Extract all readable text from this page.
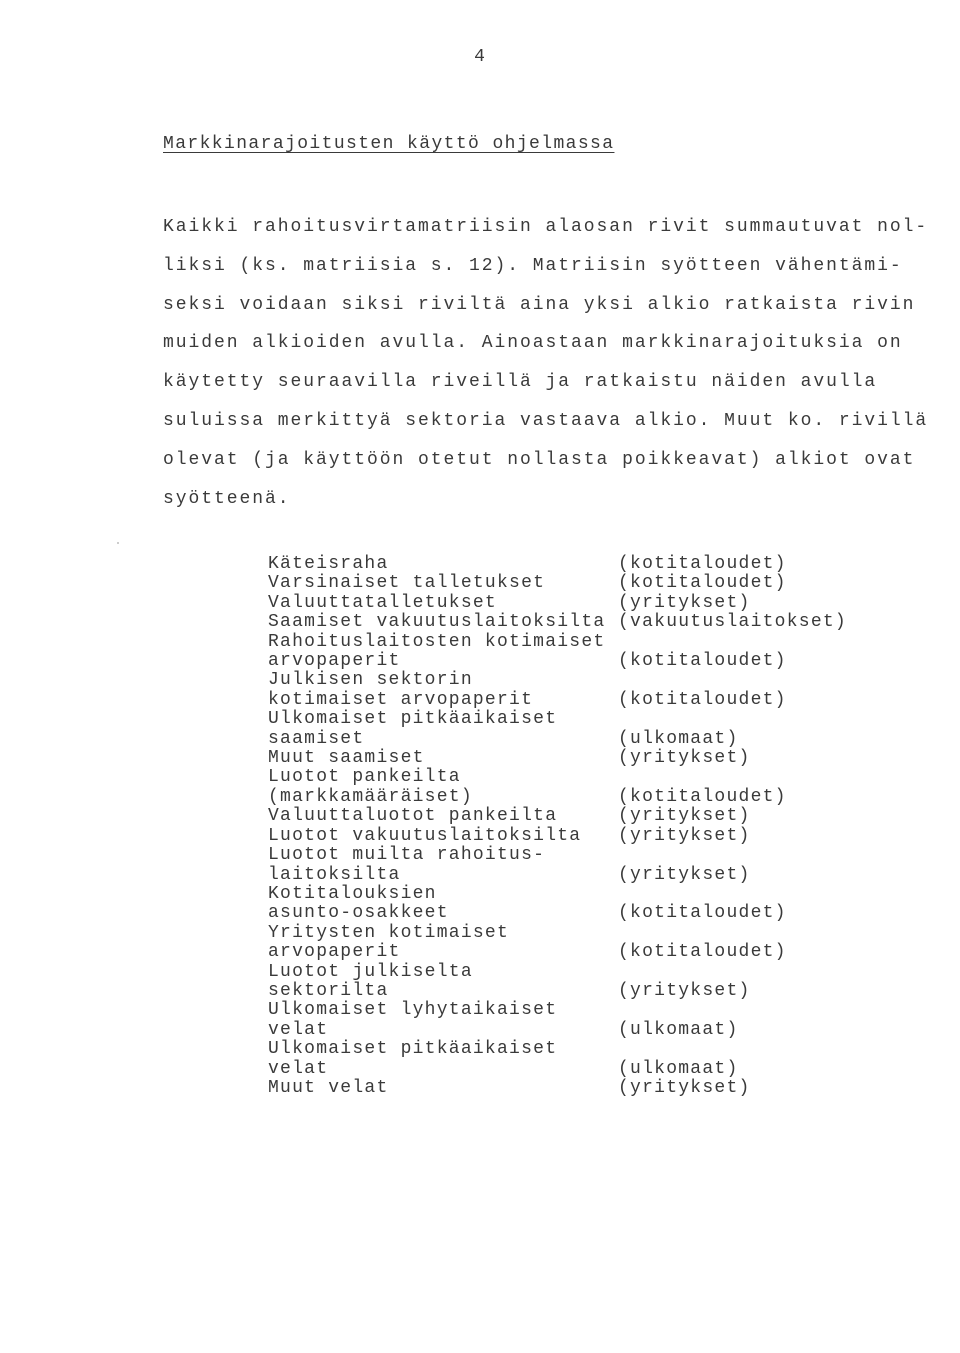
4
Markkinarajoitusten käyttö ohjelmassa

Kaikki rahoitusvirtamatriisin alaosan rivit summautuvat nol-
liksi (ks. matriisia s. 12). Matriisin syötteen vähentämi-
seksi voidaan siksi riviltä aina yksi alkio ratkaista rivin
muiden alkioiden avulla. Ainoastaan markkinarajoituksia on
käytetty seuraavilla riveillä ja ratkaistu näiden avulla
suluissa merkittyä sektoria vastaava alkio. Muut ko. rivillä
olevat (ja käyttöön otetut nollasta poikkeavat) alkiot ovat
syötteenä.

Käteisraha	(kotitaloudet)
Varsinaiset talletukset	(kotitaloudet)
Valuuttatalletukset	(yritykset)
Saamiset vakuutuslaitoksilta (vakuutuslaitokset)
Rahoituslaitosten kotimaiset
arvopaperit	(kotitaloudet)
Julkisen sektorin
kotimaiset arvopaperit	(kotitaloudet)
Ulkomaiset pitkäaikaiset
saamiset	(ulkomaat)
Muut saamiset	(yritykset)
Luotot pankeilta
(markkamääräiset)	(kotitaloudet)
Valuuttaluotot pankeilta	(yritykset)
Luotot vakuutuslaitoksilta	(yritykset)
Luotot muilta rahoitus-
laitoksilta	(yritykset)
Kotitalouksien
asunto-osakkeet	(kotitaloudet)
Yritysten kotimaiset
arvopaperit	(kotitaloudet)
Luotot julkiselta
sektorilta	(yritykset)
Ulkomaiset lyhytaikaiset
velat	(ulkomaat)
Ulkomaiset pitkäaikaiset
velat	(ulkomaat)
Muut velat	(yritykset)
